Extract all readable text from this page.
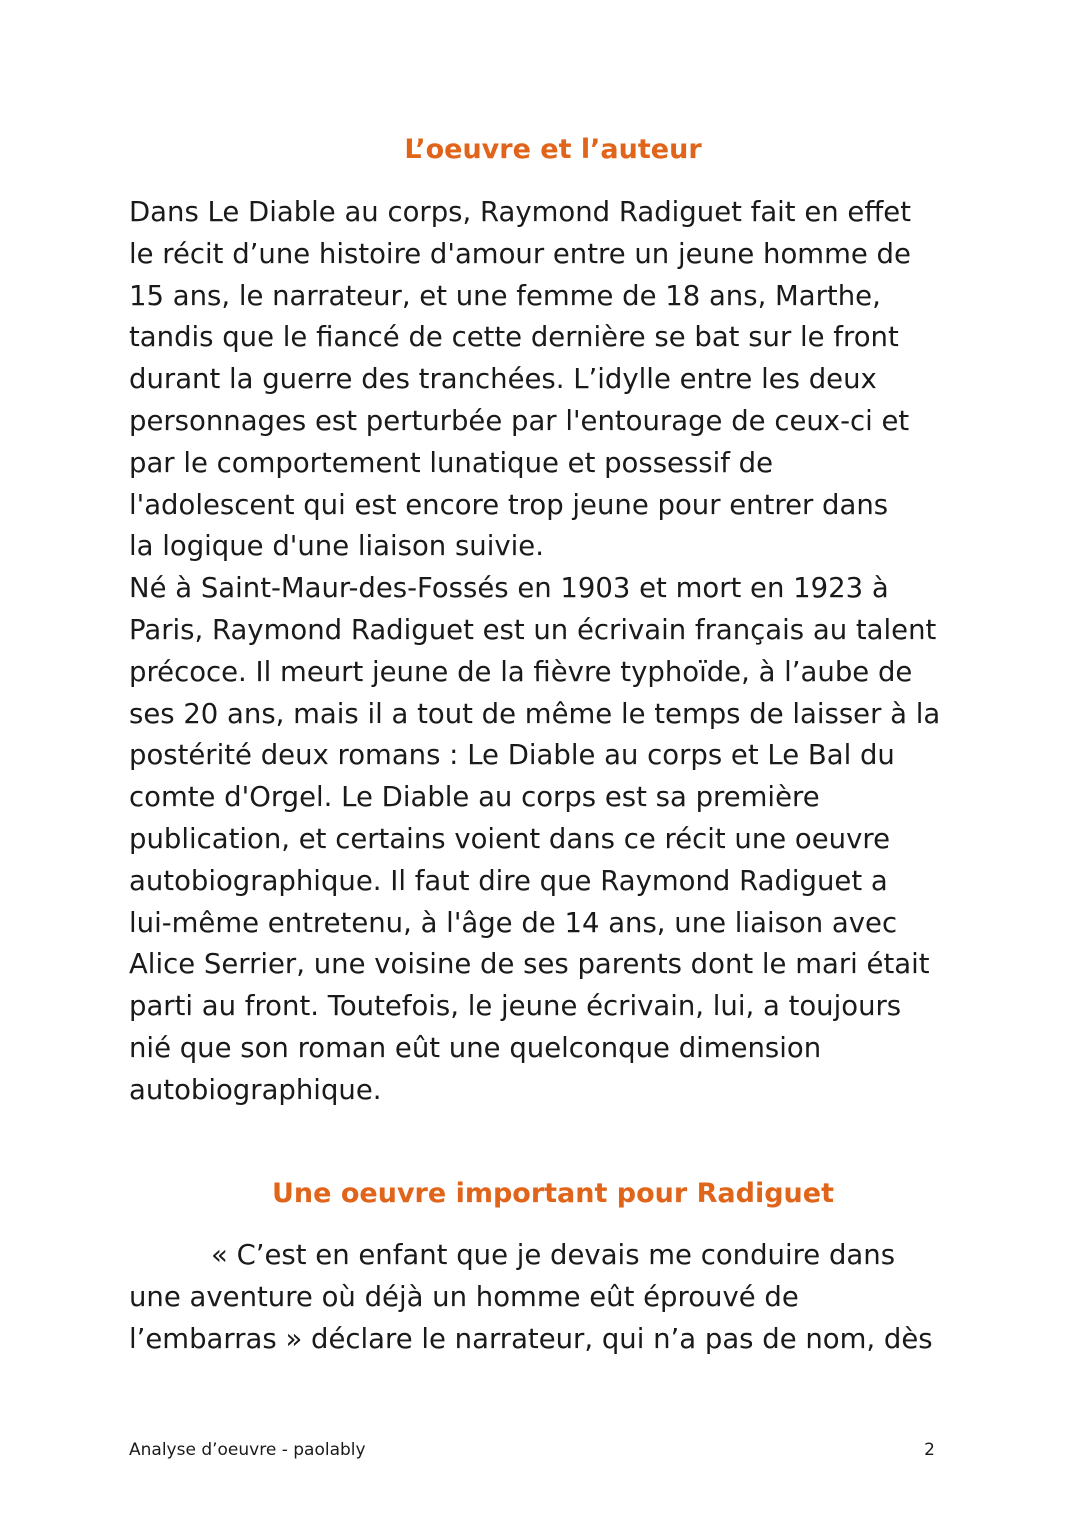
L’oeuvre et l’auteur
Dans Le Diable au corps, Raymond Radiguet fait en effet
le récit d’une histoire d'amour entre un jeune homme de
15 ans, le narrateur, et une femme de 18 ans, Marthe,
tandis que le fiancé de cette dernière se bat sur le front
durant la guerre des tranchées. L’idylle entre les deux
personnages est perturbée par l'entourage de ceux-ci et
par le comportement lunatique et possessif de
l'adolescent qui est encore trop jeune pour entrer dans
la logique d'une liaison suivie.
Né à Saint-Maur-des-Fossés en 1903 et mort en 1923 à
Paris, Raymond Radiguet est un écrivain français au talent
précoce. Il meurt jeune de la fièvre typhoïde, à l’aube de
ses 20 ans, mais il a tout de même le temps de laisser à la
postérité deux romans : Le Diable au corps et Le Bal du
comte d'Orgel. Le Diable au corps est sa première
publication, et certains voient dans ce récit une oeuvre
autobiographique. Il faut dire que Raymond Radiguet a
lui-même entretenu, à l'âge de 14 ans, une liaison avec
Alice Serrier, une voisine de ses parents dont le mari était
parti au front. Toutefois, le jeune écrivain, lui, a toujours
nié que son roman eût une quelconque dimension
autobiographique.
Une oeuvre important pour Radiguet
« C’est en enfant que je devais me conduire dans
une aventure où déjà un homme eût éprouvé de
l’embarras » déclare le narrateur, qui n’a pas de nom, dès
Analyse d’oeuvre - paolably	2
